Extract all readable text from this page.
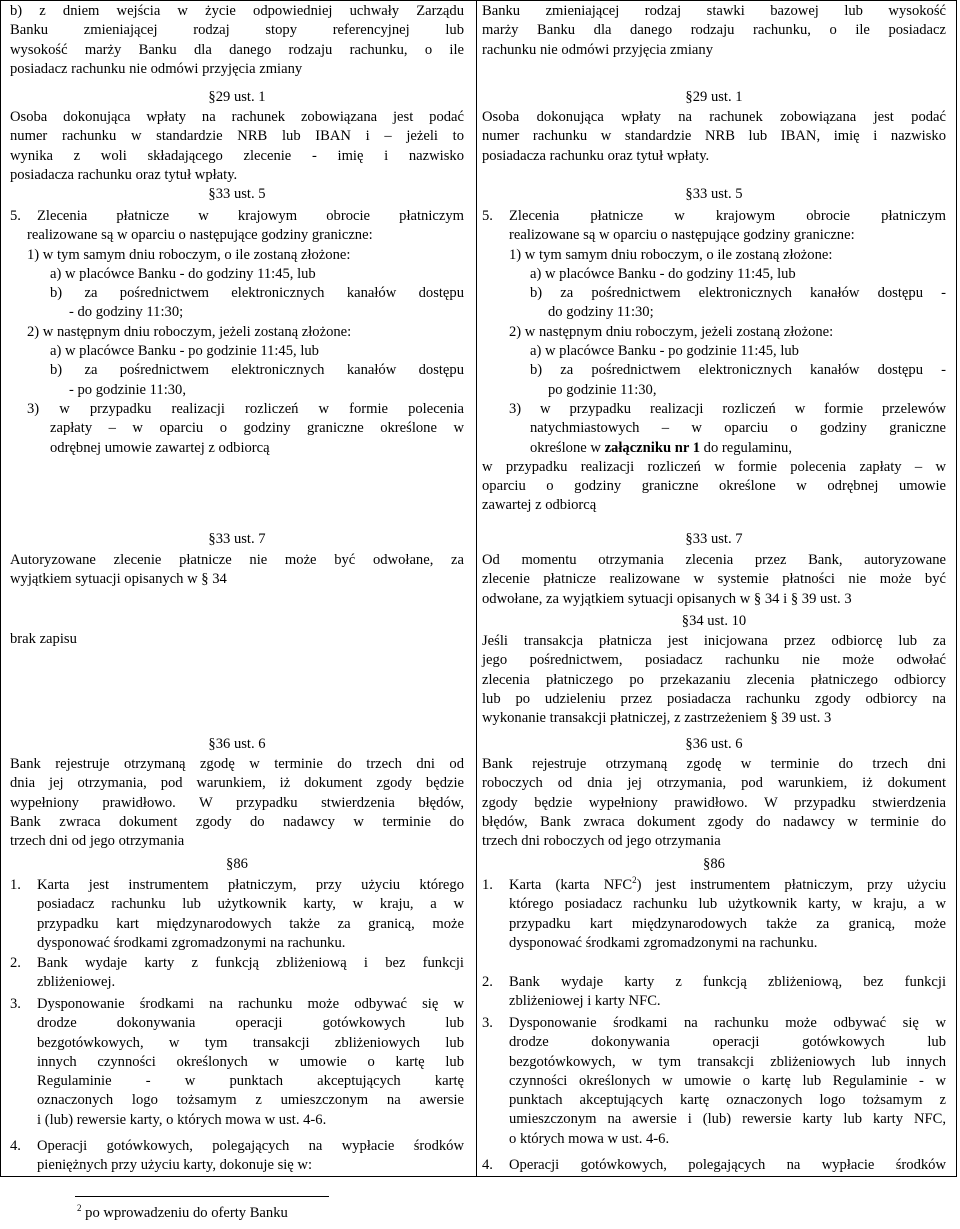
b) z dniem wejścia w życie odpowiedniej uchwały Zarządu
Banku zmieniającej rodzaj stopy referencyjnej lub
wysokość marży Banku dla danego rodzaju rachunku, o ile
posiadacz rachunku nie odmówi przyjęcia zmiany
§29 ust. 1
Osoba dokonująca wpłaty na rachunek zobowiązana jest podać
numer rachunku w standardzie NRB lub IBAN i – jeżeli to
wynika z woli składającego zlecenie - imię i nazwisko
posiadacza rachunku oraz tytuł wpłaty.
§33 ust. 5
5. Zlecenia płatnicze w krajowym obrocie płatniczym
realizowane są w oparciu o następujące godziny graniczne:
1) w tym samym dniu roboczym, o ile zostaną złożone:
a) w placówce Banku - do godziny 11:45, lub
b) za pośrednictwem elektronicznych kanałów dostępu
- do godziny 11:30;
2) w następnym dniu roboczym, jeżeli zostaną złożone:
a) w placówce Banku - po godzinie 11:45, lub
b) za pośrednictwem elektronicznych kanałów dostępu
- po godzinie 11:30,
3) w przypadku realizacji rozliczeń w formie polecenia
zapłaty – w oparciu o godziny graniczne określone w
odrębnej umowie zawartej z odbiorcą
§33 ust. 7
Autoryzowane zlecenie płatnicze nie może być odwołane, za
wyjątkiem sytuacji opisanych w § 34
brak zapisu
§36 ust. 6
Bank rejestruje otrzymaną zgodę w terminie do trzech dni od
dnia jej otrzymania, pod warunkiem, iż dokument zgody będzie
wypełniony prawidłowo. W przypadku stwierdzenia błędów,
Bank zwraca dokument zgody do nadawcy w terminie do
trzech dni od jego otrzymania
§86
1. Karta jest instrumentem płatniczym, przy użyciu którego
posiadacz rachunku lub użytkownik karty, w kraju, a w
przypadku kart międzynarodowych także za granicą, może
dysponować środkami zgromadzonymi na rachunku.
2. Bank wydaje karty z funkcją zbliżeniową i bez funkcji
zbliżeniowej.
3. Dysponowanie środkami na rachunku może odbywać się w
drodze dokonywania operacji gotówkowych lub
bezgotówkowych, w tym transakcji zbliżeniowych lub
innych czynności określonych w umowie o kartę lub
Regulaminie - w punktach akceptujących kartę
oznaczonych logo tożsamym z umieszczonym na awersie
i (lub) rewersie karty, o których mowa w ust. 4-6.
4. Operacji gotówkowych, polegających na wypłacie środków
pieniężnych przy użyciu karty, dokonuje się w:
Banku zmieniającej rodzaj stawki bazowej lub wysokość
marży Banku dla danego rodzaju rachunku, o ile posiadacz
rachunku nie odmówi przyjęcia zmiany
§29 ust. 1
Osoba dokonująca wpłaty na rachunek zobowiązana jest podać
numer rachunku w standardzie NRB lub IBAN, imię i nazwisko
posiadacza rachunku oraz tytuł wpłaty.
§33 ust. 5
5. Zlecenia płatnicze w krajowym obrocie płatniczym
realizowane są w oparciu o następujące godziny graniczne:
1) w tym samym dniu roboczym, o ile zostaną złożone:
a) w placówce Banku - do godziny 11:45, lub
b) za pośrednictwem elektronicznych kanałów dostępu -
do godziny 11:30;
2) w następnym dniu roboczym, jeżeli zostaną złożone:
a) w placówce Banku - po godzinie 11:45, lub
b) za pośrednictwem elektronicznych kanałów dostępu -
po godzinie 11:30,
3) w przypadku realizacji rozliczeń w formie przelewów
natychmiastowych – w oparciu o godziny graniczne
określone w załączniku nr 1 do regulaminu,
w przypadku realizacji rozliczeń w formie polecenia zapłaty – w
oparciu o godziny graniczne określone w odrębnej umowie
zawartej z odbiorcą
§33 ust. 7
Od momentu otrzymania zlecenia przez Bank, autoryzowane
zlecenie płatnicze realizowane w systemie płatności nie może być
odwołane, za wyjątkiem sytuacji opisanych w § 34 i § 39 ust. 3
§34 ust. 10
Jeśli transakcja płatnicza jest inicjowana przez odbiorcę lub za
jego pośrednictwem, posiadacz rachunku nie może odwołać
zlecenia płatniczego po przekazaniu zlecenia płatniczego odbiorcy
lub po udzieleniu przez posiadacza rachunku zgody odbiorcy na
wykonanie transakcji płatniczej, z zastrzeżeniem § 39 ust. 3
§36 ust. 6
Bank rejestruje otrzymaną zgodę w terminie do trzech dni
roboczych od dnia jej otrzymania, pod warunkiem, iż dokument
zgody będzie wypełniony prawidłowo. W przypadku stwierdzenia
błędów, Bank zwraca dokument zgody do nadawcy w terminie do
trzech dni roboczych od jego otrzymania
§86
1. Karta (karta NFC$^2$) jest instrumentem płatniczym, przy użyciu
którego posiadacz rachunku lub użytkownik karty, w kraju, a w
przypadku kart międzynarodowych także za granicą, może
dysponować środkami zgromadzonymi na rachunku.
2. Bank wydaje karty z funkcją zbliżeniową, bez funkcji
zbliżeniowej i karty NFC.
3. Dysponowanie środkami na rachunku może odbywać się w
drodze dokonywania operacji gotówkowych lub
bezgotówkowych, w tym transakcji zbliżeniowych lub innych
czynności określonych w umowie o kartę lub Regulaminie - w
punktach akceptujących kartę oznaczonych logo tożsamym z
umieszczonym na awersie i (lub) rewersie karty lub karty NFC,
o których mowa w ust. 4-6.
4. Operacji gotówkowych, polegających na wypłacie środków
$^2$ po wprowadzeniu do oferty Banku
